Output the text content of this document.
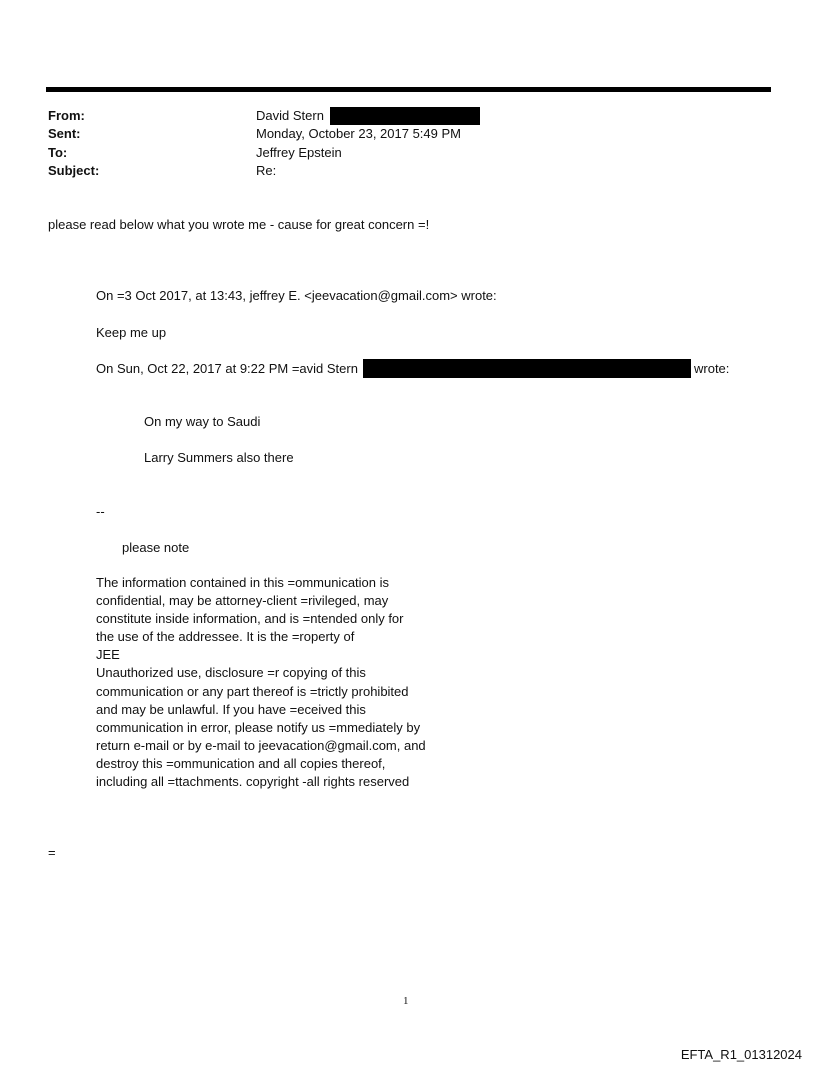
From:	David Stern
Sent:	Monday, October 23, 2017 5:49 PM
To:	Jeffrey Epstein
Subject:	Re:
please read below what you wrote me - cause for great concern =!
On =3 Oct 2017, at 13:43, jeffrey E. <jeevacation@gmail.com> wrote:
Keep me up
On Sun, Oct 22, 2017 at 9:22 PM =avid Stern	wrote:
On my way to Saudi
Larry Summers also there
--
please note
The information contained in this =ommunication is
confidential, may be attorney-client =rivileged, may
constitute inside information, and is =ntended only for
the use of the addressee. It is the =roperty of
JEE
Unauthorized use, disclosure =r copying of this
communication or any part thereof is =trictly prohibited
and may be unlawful. If you have =eceived this
communication in error, please notify us =mmediately by
return e-mail or by e-mail to jeevacation@gmail.com, and
destroy this =ommunication and all copies thereof,
including all =ttachments. copyright -all rights reserved
=
1
EFTA_R1_01312024
